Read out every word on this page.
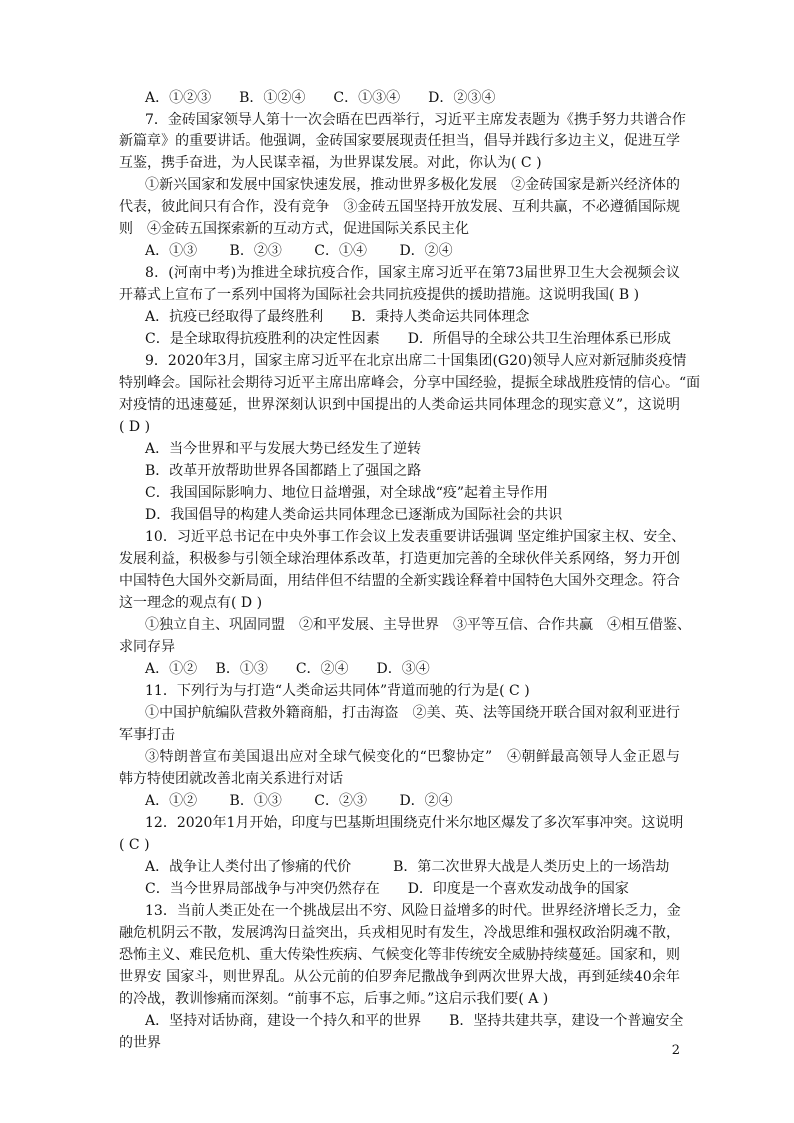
A．①②③　　B．①②④　　C．①③④　　D．②③④
7．金砖国家领导人第十一次会晤在巴西举行，习近平主席发表题为《携手努力共谱合作
新篇章》的重要讲话。他强调，金砖国家要展现责任担当，倡导并践行多边主义，促进互学
互鉴，携手奋进，为人民谋幸福，为世界谋发展。对此，你认为( C )
①新兴国家和发展中国家快速发展，推动世界多极化发展　②金砖国家是新兴经济体的
代表，彼此间只有合作，没有竞争　③金砖五国坚持开放发展、互利共赢，不必遵循国际规
则　④金砖五国探索新的互动方式，促进国际关系民主化
A．①③　　 B．②③　　 C．①④　　 D．②④
8．(河南中考)为推进全球抗疫合作，国家主席习近平在第73届世界卫生大会视频会议
开幕式上宣布了一系列中国将为国际社会共同抗疫提供的援助措施。这说明我国( B )
A．抗疫已经取得了最终胜利　　B．秉持人类命运共同体理念
C．是全球取得抗疫胜利的决定性因素　　D．所倡导的全球公共卫生治理体系已形成
9．2020年3月，国家主席习近平在北京出席二十国集团(G20)领导人应对新冠肺炎疫情
特别峰会。国际社会期待习近平主席出席峰会，分享中国经验，提振全球战胜疫情的信心。“面
对疫情的迅速蔓延，世界深刻认识到中国提出的人类命运共同体理念的现实意义”，这说明
( D )
A．当今世界和平与发展大势已经发生了逆转
B．改革开放帮助世界各国都踏上了强国之路
C．我国国际影响力、地位日益增强，对全球战“疫”起着主导作用
D．我国倡导的构建人类命运共同体理念已逐渐成为国际社会的共识
10．习近平总书记在中央外事工作会议上发表重要讲话强调 坚定维护国家主权、安全、
发展利益，积极参与引领全球治理体系改革，打造更加完善的全球伙伴关系网络，努力开创
中国特色大国外交新局面，用结伴但不结盟的全新实践诠释着中国特色大国外交理念。符合
这一理念的观点有( D )
①独立自主、巩固同盟　②和平发展、主导世界　③平等互信、合作共赢　④相互借鉴、
求同存异
A．①②　 B．①③　　C．②④　　D．③④
11．下列行为与打造“人类命运共同体”背道而驰的行为是( C )
①中国护航编队营救外籍商船，打击海盗　②美、英、法等国绕开联合国对叙利亚进行
军事打击
③特朗普宣布美国退出应对全球气候变化的“巴黎协定”　④朝鲜最高领导人金正恩与
韩方特使团就改善北南关系进行对话
A．①②　　 B．①③　　 C．②③　　 D．②④
12．2020年1月开始，印度与巴基斯坦围绕克什米尔地区爆发了多次军事冲突。这说明
( C )
A．战争让人类付出了惨痛的代价　　　B．第二次世界大战是人类历史上的一场浩劫
C．当今世界局部战争与冲突仍然存在　　D．印度是一个喜欢发动战争的国家
13．当前人类正处在一个挑战层出不穷、风险日益增多的时代。世界经济增长乏力，金
融危机阴云不散，发展鸿沟日益突出，兵戎相见时有发生，冷战思维和强权政治阴魂不散，
恐怖主义、难民危机、重大传染性疾病、气候变化等非传统安全威胁持续蔓延。国家和，则
世界安 国家斗，则世界乱。从公元前的伯罗奔尼撒战争到两次世界大战，再到延续40余年
的冷战，教训惨痛而深刻。“前事不忘，后事之师。”这启示我们要( A )
A．坚持对话协商，建设一个持久和平的世界　　B．坚持共建共享，建设一个普遍安全
的世界	2
